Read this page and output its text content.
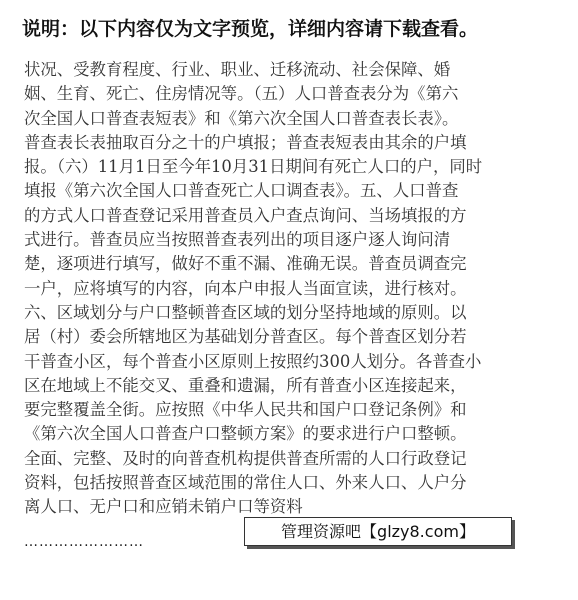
说明：以下内容仅为文字预览，详细内容请下载查看。
状况、受教育程度、行业、职业、迁移流动、社会保障、婚
姻、生育、死亡、住房情况等。（五）人口普查表分为《第六
次全国人口普查表短表》和《第六次全国人口普查表长表》。
普查表长表抽取百分之十的户填报；普查表短表由其余的户填
报。（六）11月1日至今年10月31日期间有死亡人口的户，同时
填报《第六次全国人口普查死亡人口调查表》。五、人口普查
的方式人口普查登记采用普查员入户查点询问、当场填报的方
式进行。普查员应当按照普查表列出的项目逐户逐人询问清
楚，逐项进行填写，做好不重不漏、准确无误。普查员调查完
一户，应将填写的内容，向本户申报人当面宣读，进行核对。
六、区域划分与户口整顿普查区域的划分坚持地域的原则。以
居（村）委会所辖地区为基础划分普查区。每个普查区划分若
干普查小区，每个普查小区原则上按照约300人划分。各普查小
区在地域上不能交叉、重叠和遗漏，所有普查小区连接起来，
要完整覆盖全街。应按照《中华人民共和国户口登记条例》和
《第六次全国人口普查户口整顿方案》的要求进行户口整顿。
全面、完整、及时的向普查机构提供普查所需的人口行政登记
资料，包括按照普查区域范围的常住人口、外来人口、人户分
离人口、无户口和应销未销户口等资料
……………………
管理资源吧【glzy8.com】
